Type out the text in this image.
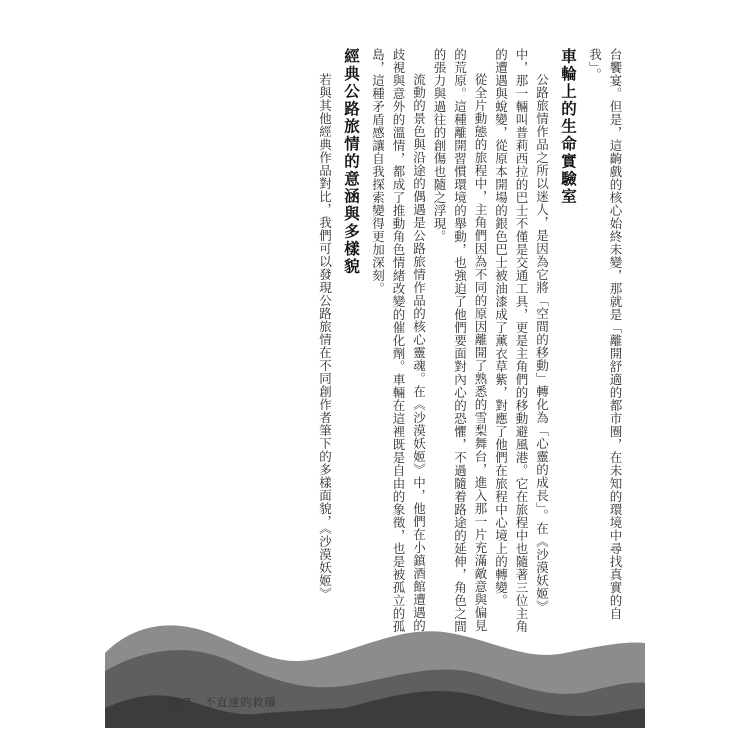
台饗宴。但是，這齣戲的核心始終未變，那就是「離開舒適的都市圈，在未知的環境中尋找真實的自我」。

車輪上的生命實驗室

公路旅情作品之所以迷人，是因為它將「空間的移動」轉化為「心靈的成長」。在《沙漠妖姬》中，那一輛叫普莉西拉的巴士不僅是交通工具，更是主角們的移動避風港。它在旅程中也隨著三位主角的遭遇與蛻變，從原本開場的銀色巴士被油漆成了薰衣草紫，對應了他們在旅程中心境上的轉變。

從全片動態的旅程中，主角們因為不同的原因離開了熟悉的雪梨舞台，進入那一片充滿敵意與偏見的荒原。這種離開習慣環境的舉動，也強迫了他們要面對內心的恐懼，不過隨着路途的延伸，角色之間的張力與過往的創傷也隨之浮現。

流動的景色與沿途的偶遇是公路旅情作品的核心靈魂。在《沙漠妖姬》中，他們在小鎮酒館遭遇的歧視與意外的溫情，都成了推動角色情緒改變的催化劑。車輛在這裡既是自由的象徵，也是被孤立的孤島，這種矛盾感讓自我探索變得更加深刻。

經典公路旅情的意涵與多樣貌

若與其他經典作品對比，我們可以發現公路旅情在不同創作者筆下的多樣面貌，《沙漠妖姬》

007 不直達的救贖
